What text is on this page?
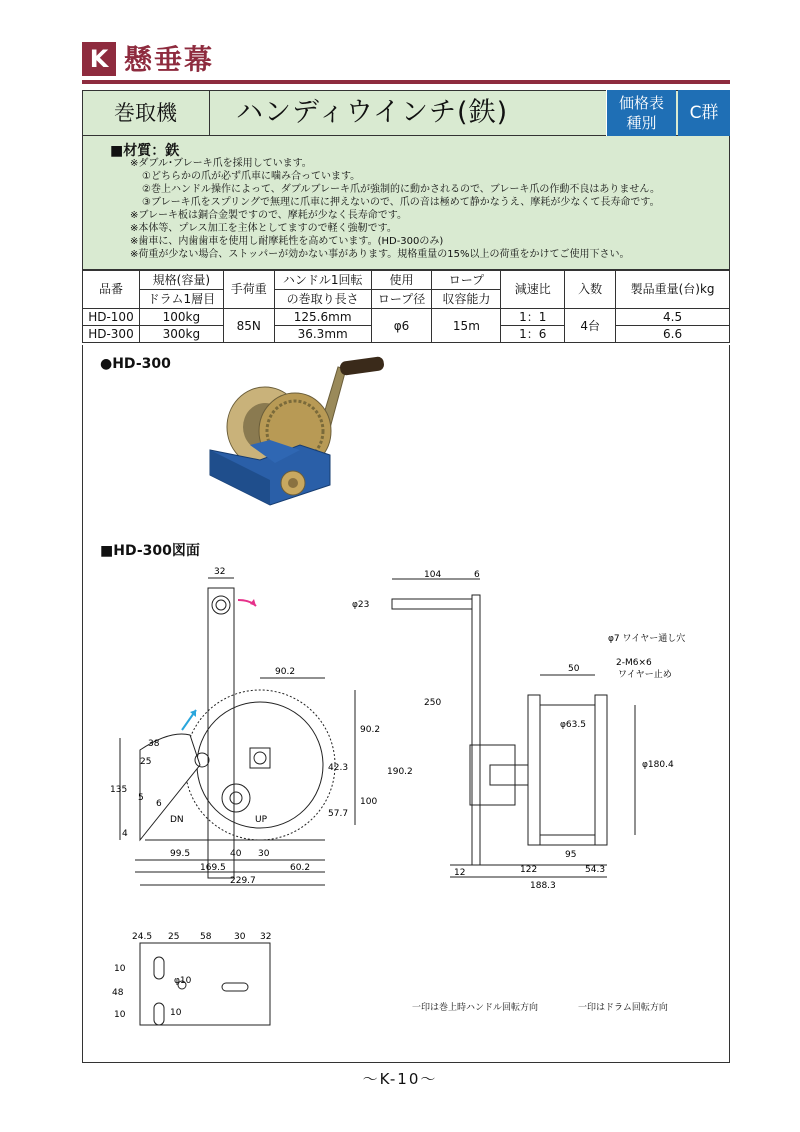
K 懸垂幕
巻取機	ハンディウインチ(鉄)	価格表
種別	C群
■材質：鉄
※ダブル･ブレーキ爪を採用しています。
①どちらかの爪が必ず爪車に噛み合っています。
②巻上ハンドル操作によって、ダブルブレーキ爪が強制的に動かされるので、ブレーキ爪の作動不良はありません。
③ブレーキ爪をスプリングで無理に爪車に押えないので、爪の音は極めて静かなうえ、摩耗が少なくて長寿命です。
※ブレーキ板は銅合金製ですので、摩耗が少なく長寿命です。
※本体等、プレス加工を主体としてますので軽く強靭です。
※歯車に、内歯歯車を使用し耐摩耗性を高めています。(HD-300のみ)
※荷重が少ない場合、ストッパーが効かない事があります。規格重量の15%以上の荷重をかけてご使用下さい。
品番	規格(容量)	手荷重	ハンドル1回転	使用	ロープ	減速比	入数	製品重量(台)kg
	ドラム1層目		の巻取り長さ	ロープ径	収容能力			
HD-100	100kg	85N	125.6mm	φ6	15m	1：1	4台	4.5
HD-300	300kg		36.3mm			1：6		6.6
●HD-300
■HD-300図面
32
90.2
38
25
135
5
6
4
DN	UP
42.3
57.7
99.5	40 30
169.5	60.2
229.7
90.2
190.2
100
104	6
φ23
250
50
φ63.5
φ180.4
95
12	122	54.3
188.3
φ7 ワイヤー通し穴
2-M6×6
ワイヤー止め
24.5 25 58	30 32
10
48
10
φ10
10	一印は巻上時ハンドル回転方向	一印はドラム回転方向
～K-10～
